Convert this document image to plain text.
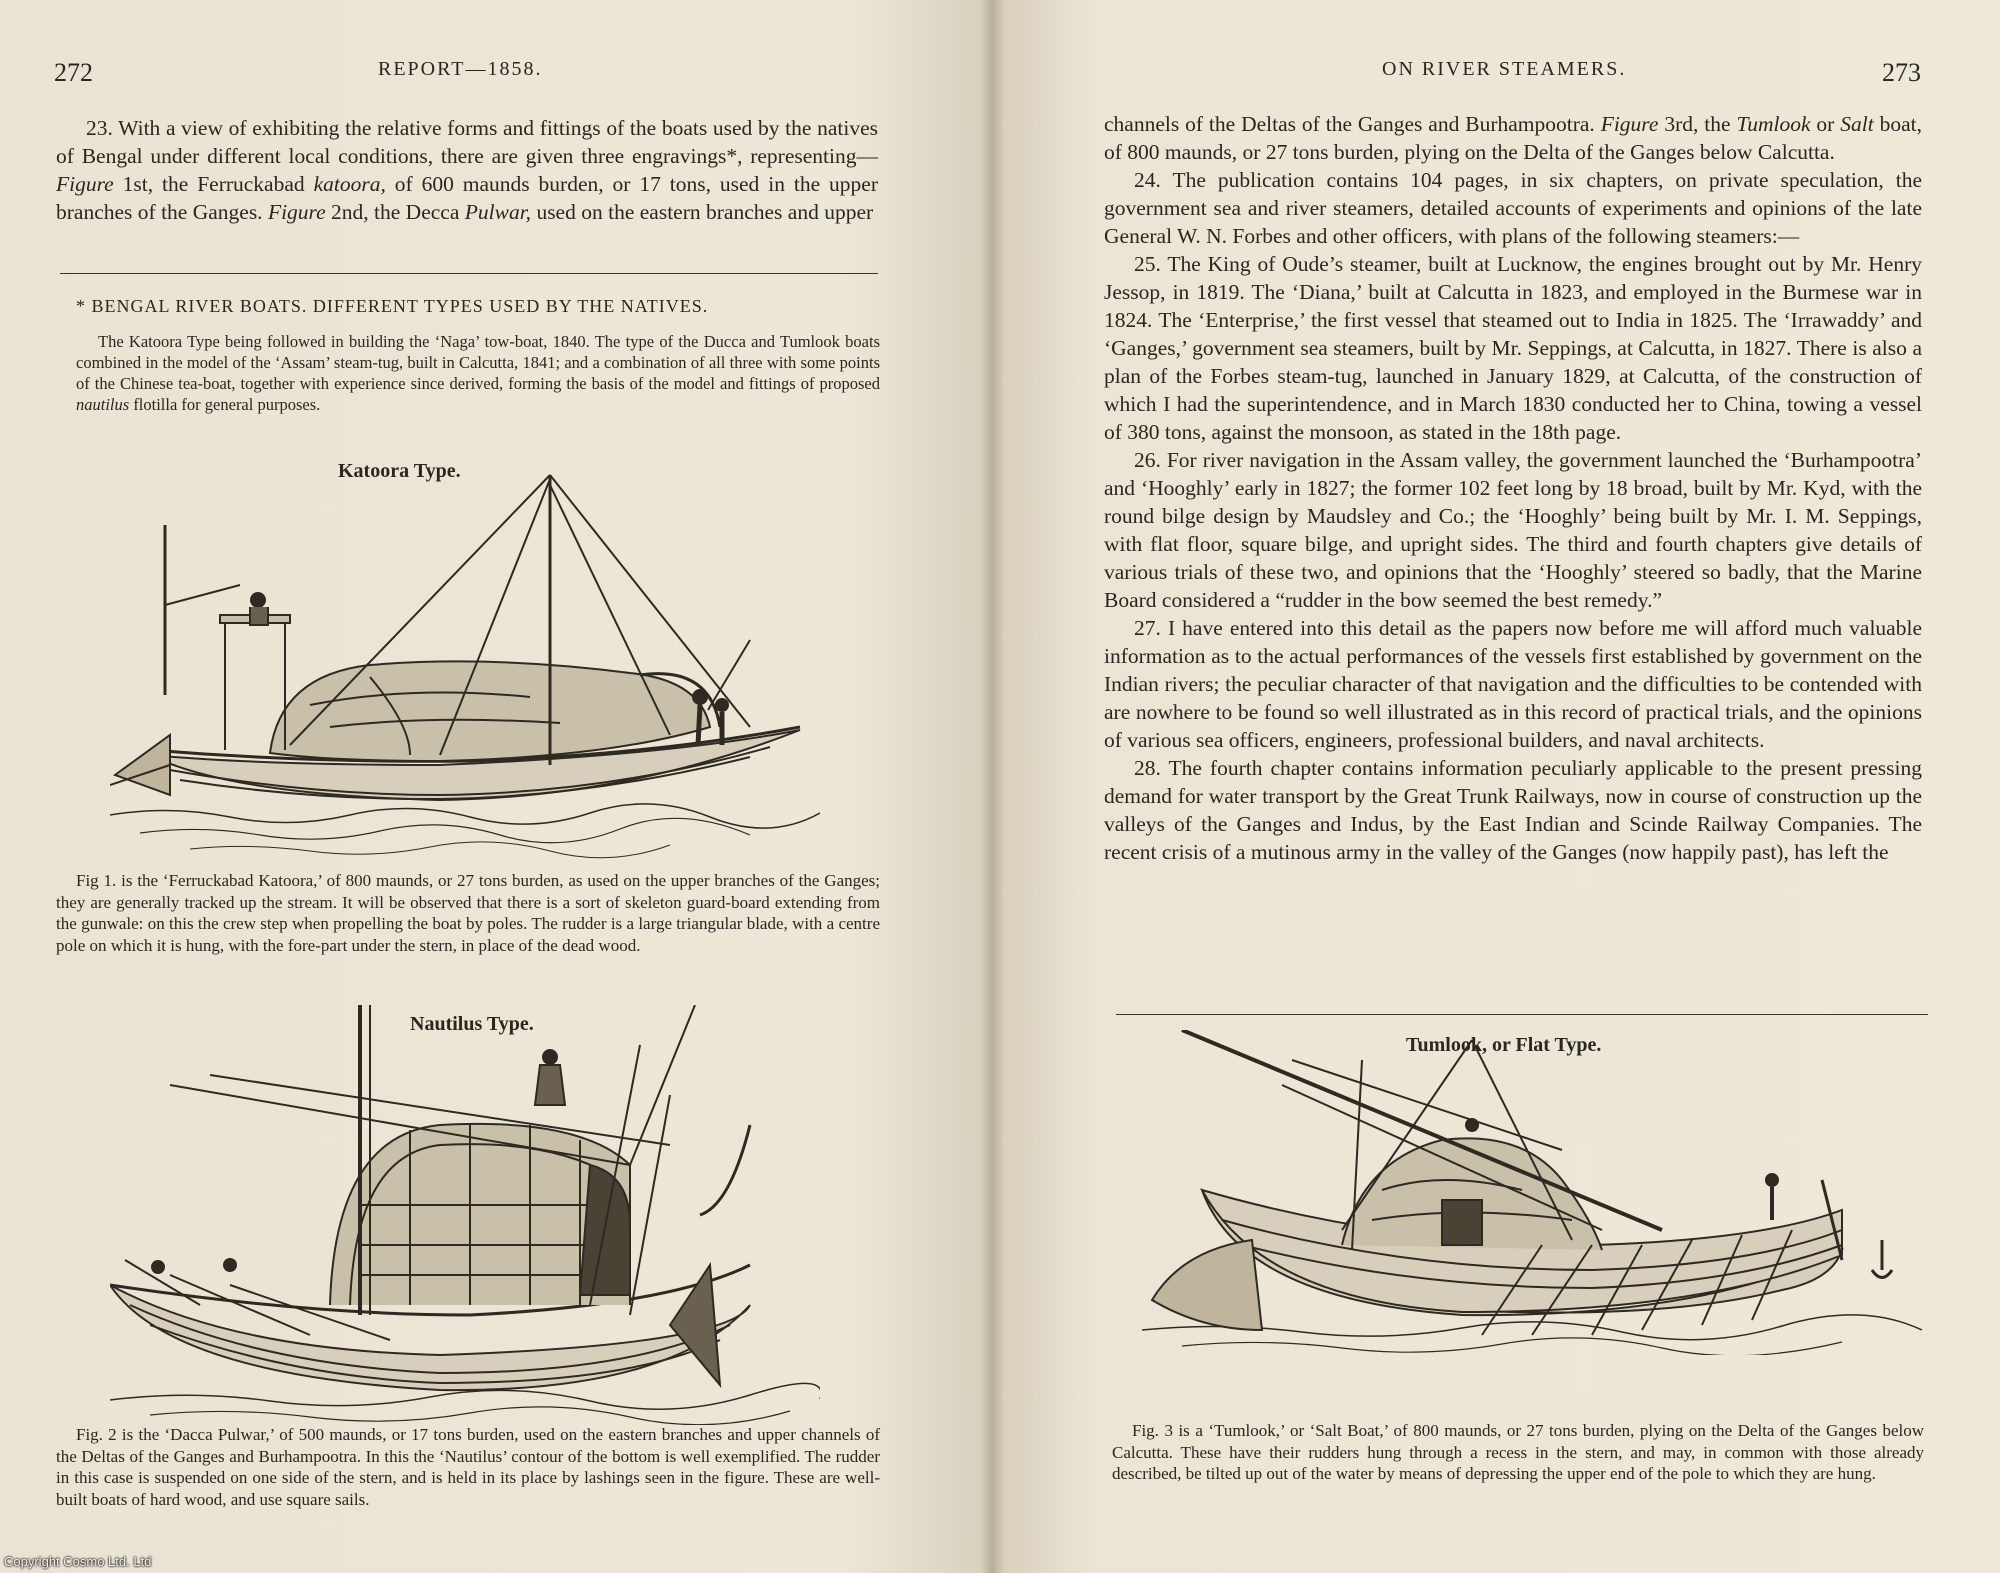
272	REPORT—1858.

23. With a view of exhibiting the relative forms and fittings of the boats used by the natives of Bengal under different local conditions, there are given three engravings*, representing—Figure 1st, the Ferruckabad katoora, of 600 maunds burden, or 17 tons, used in the upper branches of the Ganges. Figure 2nd, the Decca Pulwar, used on the eastern branches and upper

* BENGAL RIVER BOATS. DIFFERENT TYPES USED BY THE NATIVES.
The Katoora Type being followed in building the ‘Naga’ tow-boat, 1840. The type of the Ducca and Tumlook boats combined in the model of the ‘Assam’ steam-tug, built in Calcutta, 1841; and a combination of all three with some points of the Chinese tea-boat, together with experience since derived, forming the basis of the model and fittings of proposed nautilus flotilla for general purposes.
Katoora Type.
Fig 1. is the ‘Ferruckabad Katoora,’ of 800 maunds, or 27 tons burden, as used on the upper branches of the Ganges; they are generally tracked up the stream. It will be observed that there is a sort of skeleton guard-board extending from the gunwale: on this the crew step when propelling the boat by poles. The rudder is a large triangular blade, with a centre pole on which it is hung, with the fore-part under the stern, in place of the dead wood.
Nautilus Type.
Fig. 2 is the ‘Dacca Pulwar,’ of 500 maunds, or 17 tons burden, used on the eastern branches and upper channels of the Deltas of the Ganges and Burhampootra. In this the ‘Nautilus’ contour of the bottom is well exemplified. The rudder in this case is suspended on one side of the stern, and is held in its place by lashings seen in the figure. These are well-built boats of hard wood, and use square sails.
Copyright Cosmo Ltd. Ltd
ON RIVER STEAMERS.	273

channels of the Deltas of the Ganges and Burhampootra. Figure 3rd, the Tumlook or Salt boat, of 800 maunds, or 27 tons burden, plying on the Delta of the Ganges below Calcutta.

24. The publication contains 104 pages, in six chapters, on private speculation, the government sea and river steamers, detailed accounts of experiments and opinions of the late General W. N. Forbes and other officers, with plans of the following steamers:—

25. The King of Oude’s steamer, built at Lucknow, the engines brought out by Mr. Henry Jessop, in 1819. The ‘Diana,’ built at Calcutta in 1823, and employed in the Burmese war in 1824. The ‘Enterprise,’ the first vessel that steamed out to India in 1825. The ‘Irrawaddy’ and ‘Ganges,’ government sea steamers, built by Mr. Seppings, at Calcutta, in 1827. There is also a plan of the Forbes steam-tug, launched in January 1829, at Calcutta, of the construction of which I had the superintendence, and in March 1830 conducted her to China, towing a vessel of 380 tons, against the monsoon, as stated in the 18th page.

26. For river navigation in the Assam valley, the government launched the ‘Burhampootra’ and ‘Hooghly’ early in 1827; the former 102 feet long by 18 broad, built by Mr. Kyd, with the round bilge design by Maudsley and Co.; the ‘Hooghly’ being built by Mr. I. M. Seppings, with flat floor, square bilge, and upright sides. The third and fourth chapters give details of various trials of these two, and opinions that the ‘Hooghly’ steered so badly, that the Marine Board considered a “rudder in the bow seemed the best remedy.”

27. I have entered into this detail as the papers now before me will afford much valuable information as to the actual performances of the vessels first established by government on the Indian rivers; the peculiar character of that navigation and the difficulties to be contended with are nowhere to be found so well illustrated as in this record of practical trials, and the opinions of various sea officers, engineers, professional builders, and naval architects.

28. The fourth chapter contains information peculiarly applicable to the present pressing demand for water transport by the Great Trunk Railways, now in course of construction up the valleys of the Ganges and Indus, by the East Indian and Scinde Railway Companies. The recent crisis of a mutinous army in the valley of the Ganges (now happily past), has left the

Tumlook, or Flat Type.
Fig. 3 is a ‘Tumlook,’ or ‘Salt Boat,’ of 800 maunds, or 27 tons burden, plying on the Delta of the Ganges below Calcutta. These have their rudders hung through a recess in the stern, and may, in common with those already described, be tilted up out of the water by means of depressing the upper end of the pole to which they are hung.
